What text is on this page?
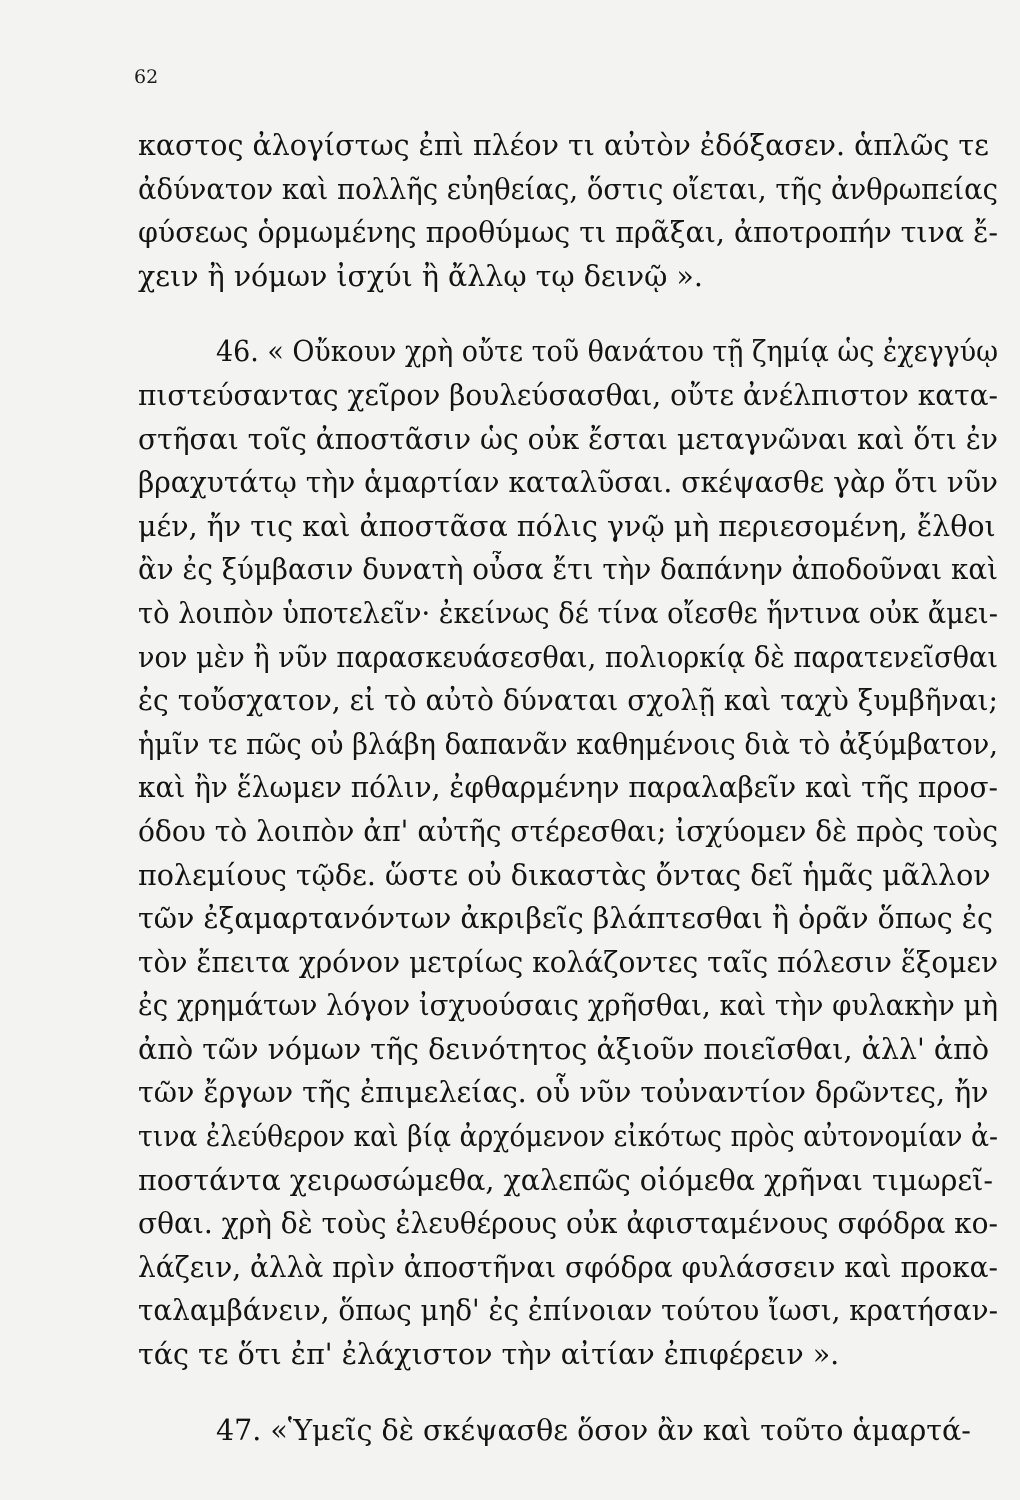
62
καστος ἀλογίστως ἐπὶ πλέον τι αὐτὸν ἐδόξασεν. ἁπλῶς τε
ἀδύνατον καὶ πολλῆς εὐηθείας, ὅστις οἴεται, τῆς ἀνθρωπείας
φύσεως ὁρμωμένης προθύμως τι πρᾶξαι, ἀποτροπήν τινα ἔ-
χειν ἢ νόμων ἰσχύι ἢ ἄλλῳ τῳ δεινῷ ».
46. « Οὔκουν χρὴ οὔτε τοῦ θανάτου τῇ ζημίᾳ ὡς ἐχεγγύῳ
πιστεύσαντας χεῖρον βουλεύσασθαι, οὔτε ἀνέλπιστον κατα-
στῆσαι τοῖς ἀποστᾶσιν ὡς οὐκ ἔσται μεταγνῶναι καὶ ὅτι ἐν
βραχυτάτῳ τὴν ἁμαρτίαν καταλῦσαι. σκέψασθε γὰρ ὅτι νῦν
μέν, ἤν τις καὶ ἀποστᾶσα πόλις γνῷ μὴ περιεσομένη, ἔλθοι
ἂν ἐς ξύμβασιν δυνατὴ οὖσα ἔτι τὴν δαπάνην ἀποδοῦναι καὶ
τὸ λοιπὸν ὑποτελεῖν· ἐκείνως δέ τίνα οἴεσθε ἥντινα οὐκ ἄμει-
νον μὲν ἢ νῦν παρασκευάσεσθαι, πολιορκίᾳ δὲ παρατενεῖσθαι
ἐς τοὔσχατον, εἰ τὸ αὐτὸ δύναται σχολῇ καὶ ταχὺ ξυμβῆναι;
ἡμῖν τε πῶς οὐ βλάβη δαπανᾶν καθημένοις διὰ τὸ ἀξύμβατον,
καὶ ἢν ἕλωμεν πόλιν, ἐφθαρμένην παραλαβεῖν καὶ τῆς προσ-
όδου τὸ λοιπὸν ἀπ' αὐτῆς στέρεσθαι; ἰσχύομεν δὲ πρὸς τοὺς
πολεμίους τῷδε. ὥστε οὐ δικαστὰς ὄντας δεῖ ἡμᾶς μᾶλλον
τῶν ἐξαμαρτανόντων ἀκριβεῖς βλάπτεσθαι ἢ ὁρᾶν ὅπως ἐς
τὸν ἔπειτα χρόνον μετρίως κολάζοντες ταῖς πόλεσιν ἕξομεν
ἐς χρημάτων λόγον ἰσχυούσαις χρῆσθαι, καὶ τὴν φυλακὴν μὴ
ἀπὸ τῶν νόμων τῆς δεινότητος ἀξιοῦν ποιεῖσθαι, ἀλλ' ἀπὸ
τῶν ἔργων τῆς ἐπιμελείας. οὗ νῦν τοὐναντίον δρῶντες, ἤν
τινα ἐλεύθερον καὶ βίᾳ ἀρχόμενον εἰκότως πρὸς αὐτονομίαν ἀ-
ποστάντα χειρωσώμεθα, χαλεπῶς οἰόμεθα χρῆναι τιμωρεῖ-
σθαι. χρὴ δὲ τοὺς ἐλευθέρους οὐκ ἀφισταμένους σφόδρα κο-
λάζειν, ἀλλὰ πρὶν ἀποστῆναι σφόδρα φυλάσσειν καὶ προκα-
ταλαμβάνειν, ὅπως μηδ' ἐς ἐπίνοιαν τούτου ἴωσι, κρατήσαν-
τάς τε ὅτι ἐπ' ἐλάχιστον τὴν αἰτίαν ἐπιφέρειν ».
47. «Ὑμεῖς δὲ σκέψασθε ὅσον ἂν καὶ τοῦτο ἁμαρτά-
